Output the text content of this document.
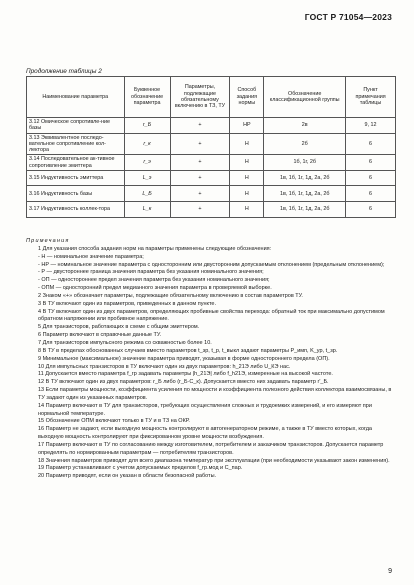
ГОСТ Р 71054—2023
Продолжение таблицы 2
Наименование параметра	Буквенное обозначение параметра	Параметры, подлежащие обязательному включению в ТЗ, ТУ	Способ задания нормы	Обозначение классификационной группы	Пункт примечания таблицы
3.12 Омическое сопротивле-ние базы	r_Б	+	НР	2в	9, 12
3.13 Эквивалентное последо-вательное сопротивление кол-лектора	r_к	+	Н	2б	6
3.14 Последовательное ак-тивное сопротивление эмиттера	r_э	+	Н	1б, 1г, 2б	6
3.15 Индуктивность эмиттера	L_э	+	Н	1в, 1б, 1г, 1д, 2а, 2б	6
3.16 Индуктивность базы	L_Б	+	Н	1в, 1б, 1г, 1д, 2а, 2б	6
3.17 Индуктивность коллек-тора	L_к	+	Н	1в, 1б, 1г, 1д, 2а, 2б	6

Примечания

1 Для указания способа задания норм на параметры применены следующие обозначения:

- Н — номинальное значение параметра;

- НР — номинальное значение параметра с односторонним или двусторонним допускаемым отклонением (предельным отклонением);

- Р — двустороннее граница значения параметра без указания номинального значения;

- ОП — одностороннее предел значения параметра без указания номинального значения;

- ОПМ — односторонний предел медианного значения параметра в проверяемой выборке.

2 Знаком «+» обозначает параметры, подлежащие обязательному включению в состав параметров ТУ.

3 В ТУ включают один из параметров, приведенных в данном пункте.

4 В ТУ включают один из двух параметров, определяющих пробивные свойства перехода: обратный ток при максимально допустимом обратном напряжении или пробивное напряжение.

5 Для транзисторов, работающих в схеме с общим эмиттером.

6 Параметр включают в справочные данные ТУ.

7 Для транзисторов импульсного режима со скважностью более 10.

8 В ТУ в пределах обоснованных случаев вместо параметров t_зр, t_р, t_выкл задают параметры P_имп, K_ур, t_зр.

9 Минимальное (максимальное) значение параметра приводят, указывая в форме одностороннего предела (ОП).

10 Для импульсных транзисторов в ТУ включают один из двух параметров: h_21Э либо U_КЭ нас.

11 Допускается вместо параметра f_гр задавать параметры |h_21Э| либо f_h21Э, измеренные на высокой частоте.

12 В ТУ включают один из двух параметров: r_Б либо (r_Б·С_к). Допускается вместо них задавать параметр r'_Б.

13 Если параметры мощности, коэффициента усиления по мощности и коэффициента полезного действия коллектора взаимосвязаны, в ТУ задают один из указанных параметров.

14 Параметр включают в ТУ для транзисторов, требующих осуществления сложных и трудоемких измерений, и его измеряют при нормальной температуре.

15 Обозначение ОПМ включают только в ТУ и в ТЗ на ОКР.

16 Параметр не задают, если выходную мощность контролируют в автогенераторном режиме, а также в ТУ вместо которых, когда выходную мощность контролируют при фиксированном уровне мощности возбуждения.

17 Параметр включают в ТУ по согласованию между изготовителем, потребителем и заказчиком транзисторов. Допускается параметр определять по нормированным параметрам — потребителям транзисторов.

18 Значения параметров приводят для всего диапазона температур при эксплуатации (при необходимости указывают закон изменения).

19 Параметр устанавливают с учетом допускаемых пределов f_гр.мод и С_пар.

20 Параметр приводят, если он указан в области безопасной работы.

9
